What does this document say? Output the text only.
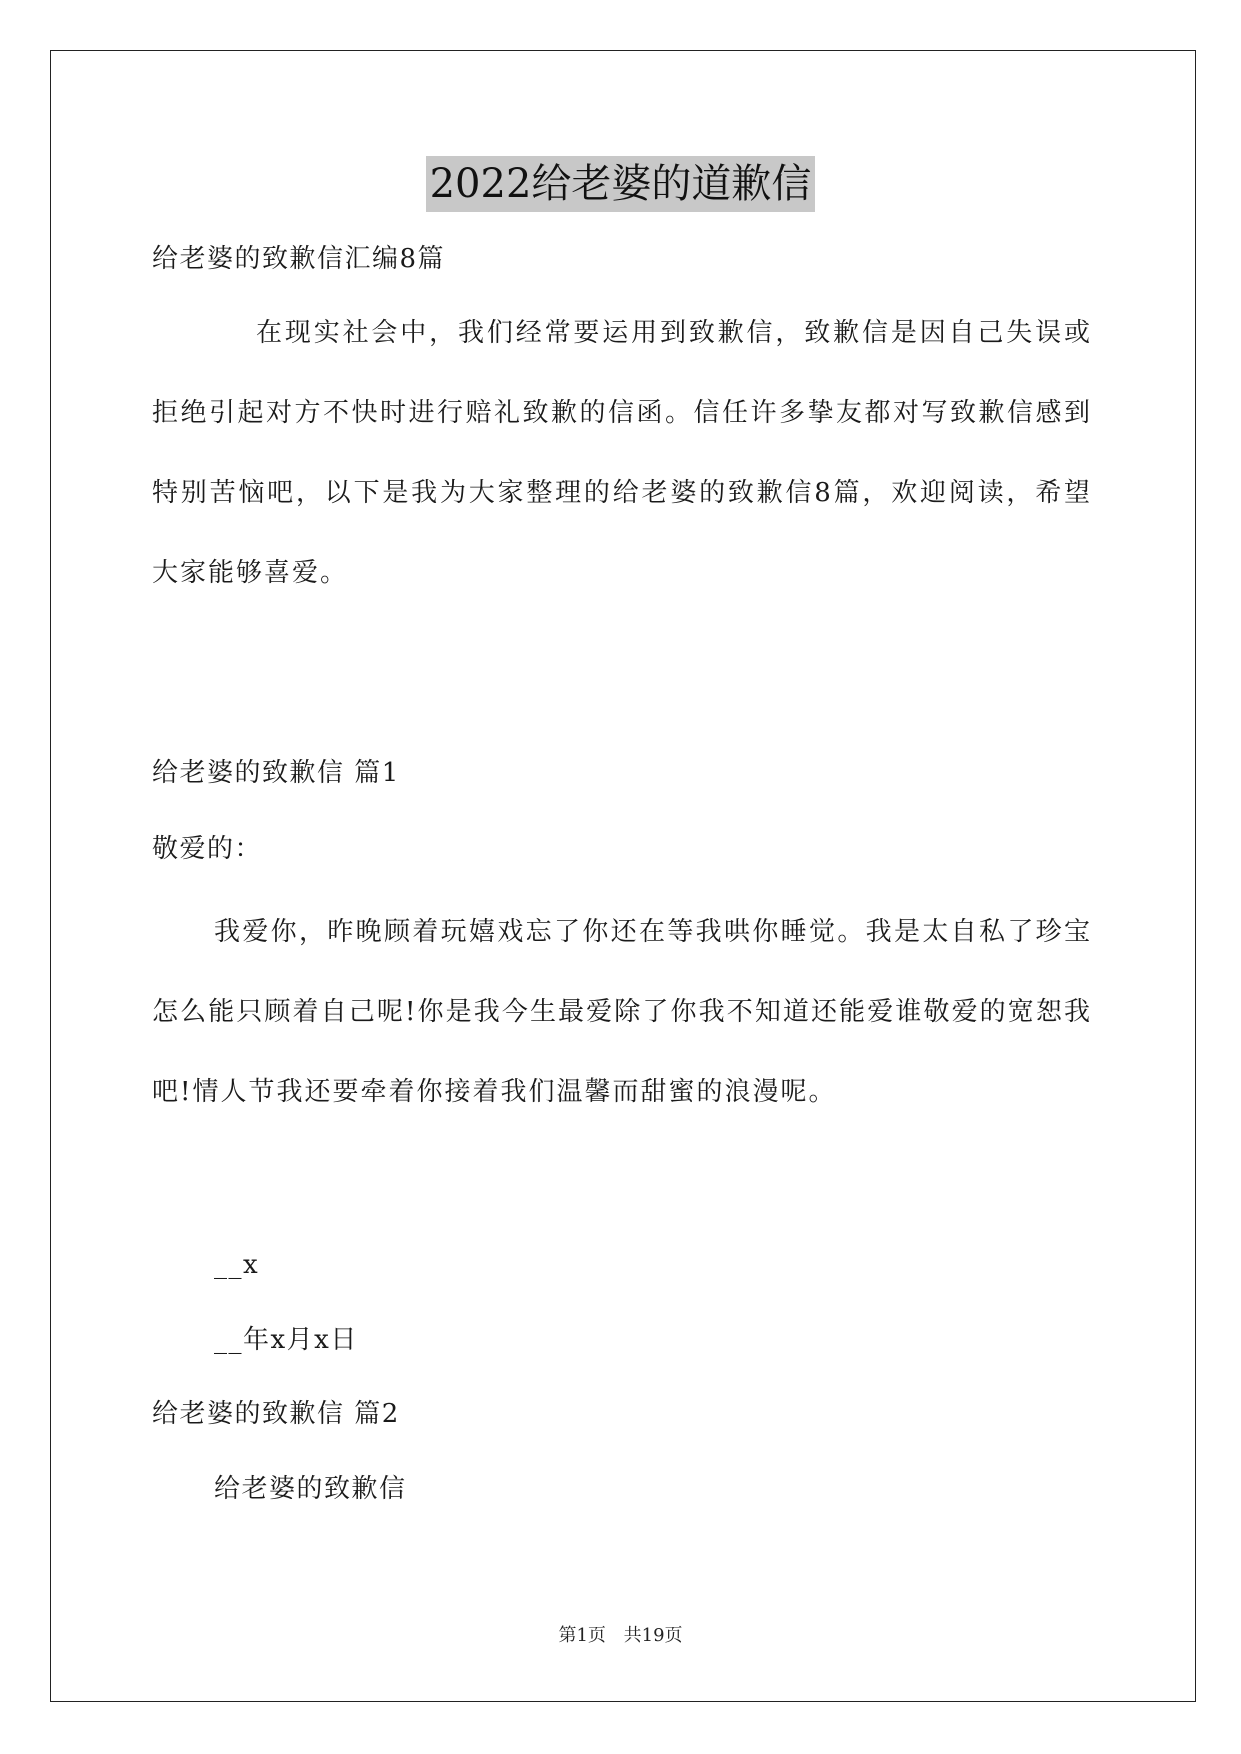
2022给老婆的道歉信
给老婆的致歉信汇编8篇

在现实社会中，我们经常要运用到致歉信，致歉信是因自己失误或拒绝引起对方不快时进行赔礼致歉的信函。信任许多挚友都对写致歉信感到特别苦恼吧，以下是我为大家整理的给老婆的致歉信8篇，欢迎阅读，希望大家能够喜爱。

给老婆的致歉信 篇1
敬爱的：

我爱你，昨晚顾着玩嬉戏忘了你还在等我哄你睡觉。我是太自私了珍宝怎么能只顾着自己呢!你是我今生最爱除了你我不知道还能爱谁敬爱的宽恕我吧!情人节我还要牵着你接着我们温馨而甜蜜的浪漫呢。

__x
__年x月x日
给老婆的致歉信 篇2
给老婆的致歉信
第1页 共19页
